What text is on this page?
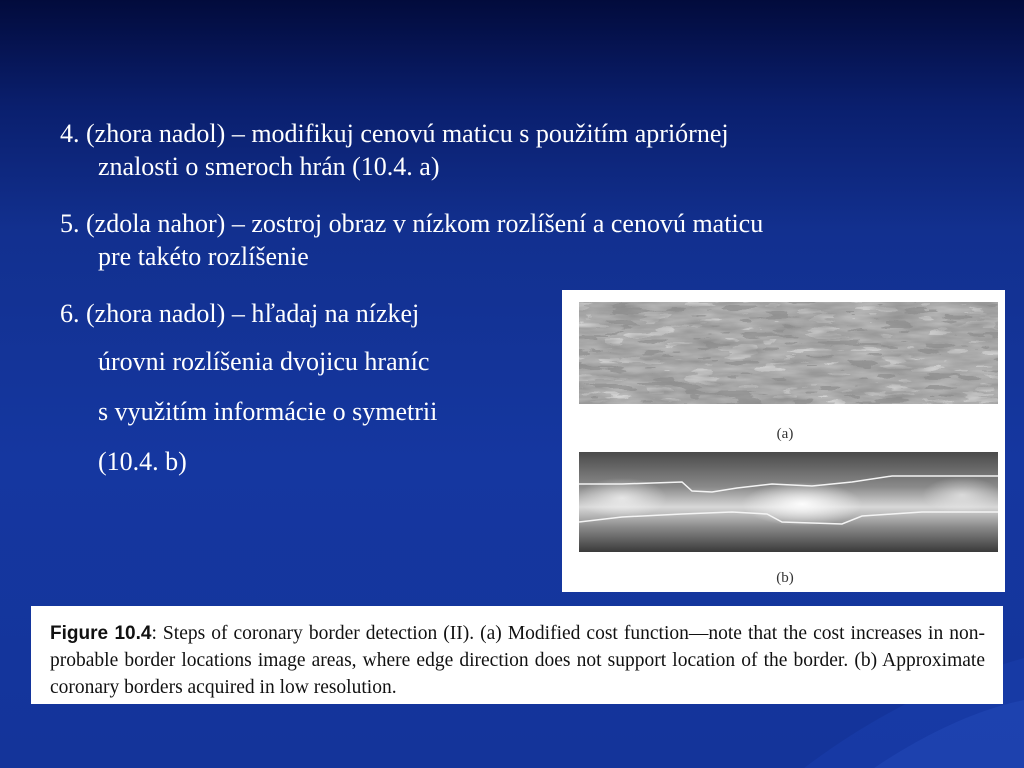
4. (zhora nadol) – modifikuj cenovú maticu s použitím apriórnej
znalosti o smeroch hrán (10.4. a)
5. (zdola nahor) – zostroj obraz v nízkom rozlíšení a cenovú maticu
pre takéto rozlíšenie
6. (zhora nadol) – hľadaj na nízkej
úrovni rozlíšenia dvojicu hraníc
s využitím informácie o symetrii
(10.4. b)
(a)
(b)
Figure 10.4: Steps of coronary border detection (II). (a) Modified cost function—note that the cost increases in non-probable border locations image areas, where edge direction does not support location of the border. (b) Approximate coronary borders acquired in low resolution.
